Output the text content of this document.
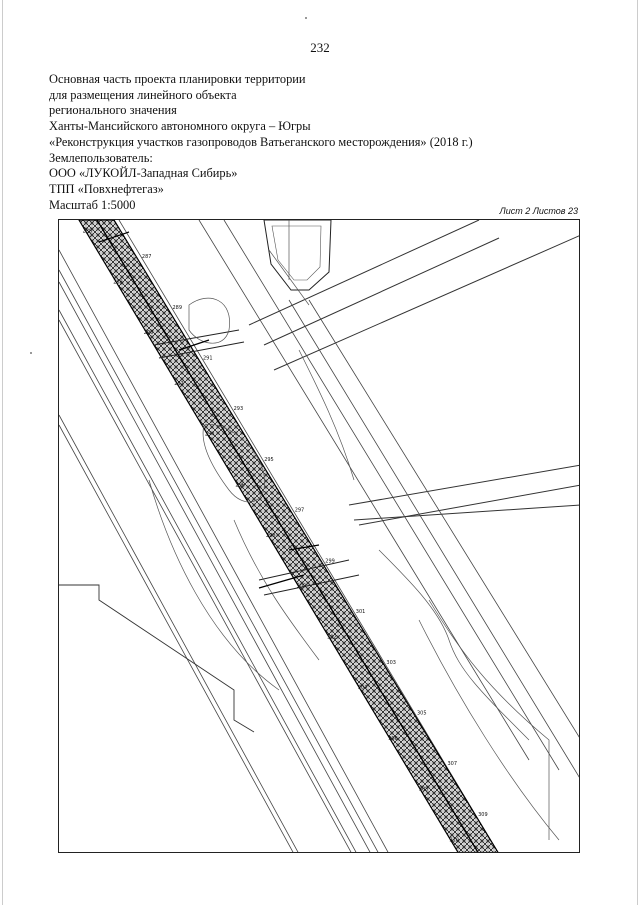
232
Основная часть проекта планировки территории
для размещения линейного объекта
регионального значения
Ханты-Мансийского автономного округа – Югры
«Реконструкция участков газопроводов Ватьеганского месторождения» (2018 г.)
Землепользователь:
ООО «ЛУКОЙЛ-Западная Сибирь»
ТПП «Повхнефтегаз»
Масштаб 1:5000	Лист 2 Листов 23
286
287
288
289
290
291
292
293
294
295
296
297
298
299
300
301
302
303
304
305
306
307
308
309
310
